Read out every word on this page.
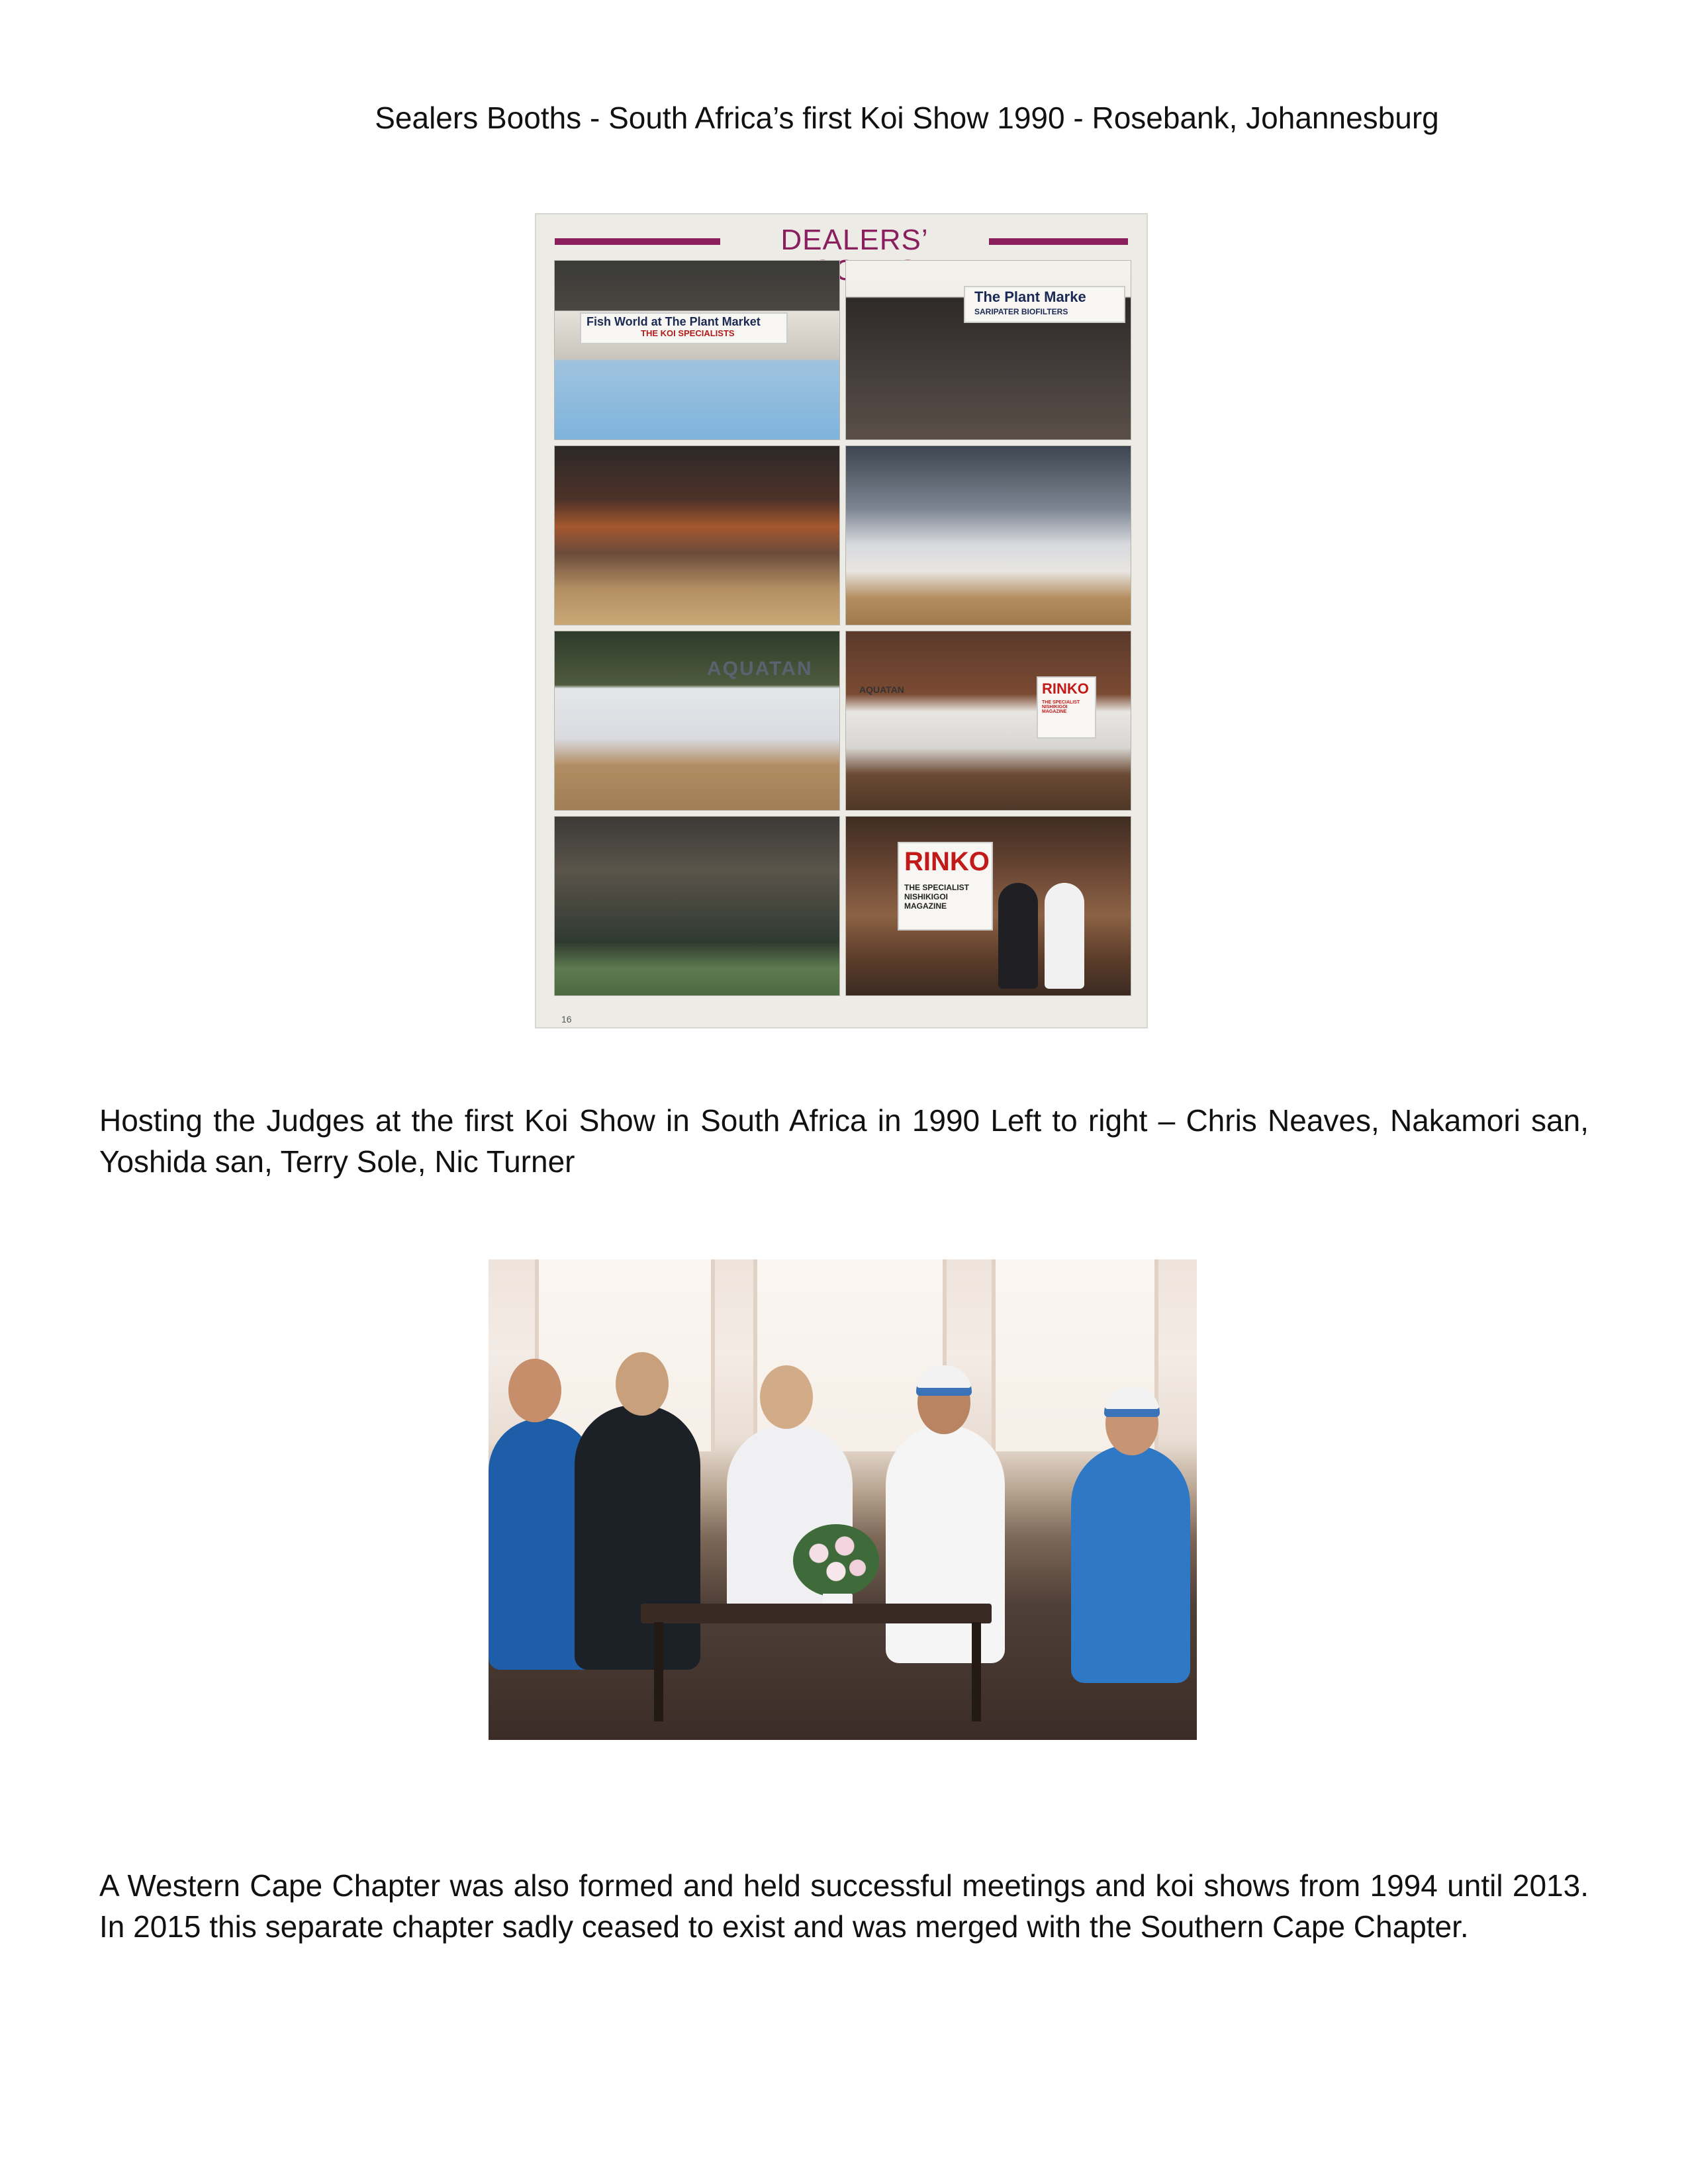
Sealers Booths - South Africa’s first Koi Show 1990 - Rosebank, Johannesburg
DEALERS’
Fish World at The Plant Market
THE KOI SPECIALISTS
The Plant Marke
SARIPATER BIOFILTERS
AQUATAN
AQUATAN	RINKO
THE SPECIALIST NISHIKIGOI MAGAZINE
RINKO
THE SPECIALIST NISHIKIGOI MAGAZINE
16
Hosting the Judges at the first Koi Show in South Africa in 1990 Left to right – Chris Neaves, Nakamori san, Yoshida san, Terry Sole, Nic Turner
A Western Cape Chapter was also formed and held successful meetings and koi shows from 1994 until 2013. In 2015 this separate chapter sadly ceased to exist and was merged with the Southern Cape Chapter.
